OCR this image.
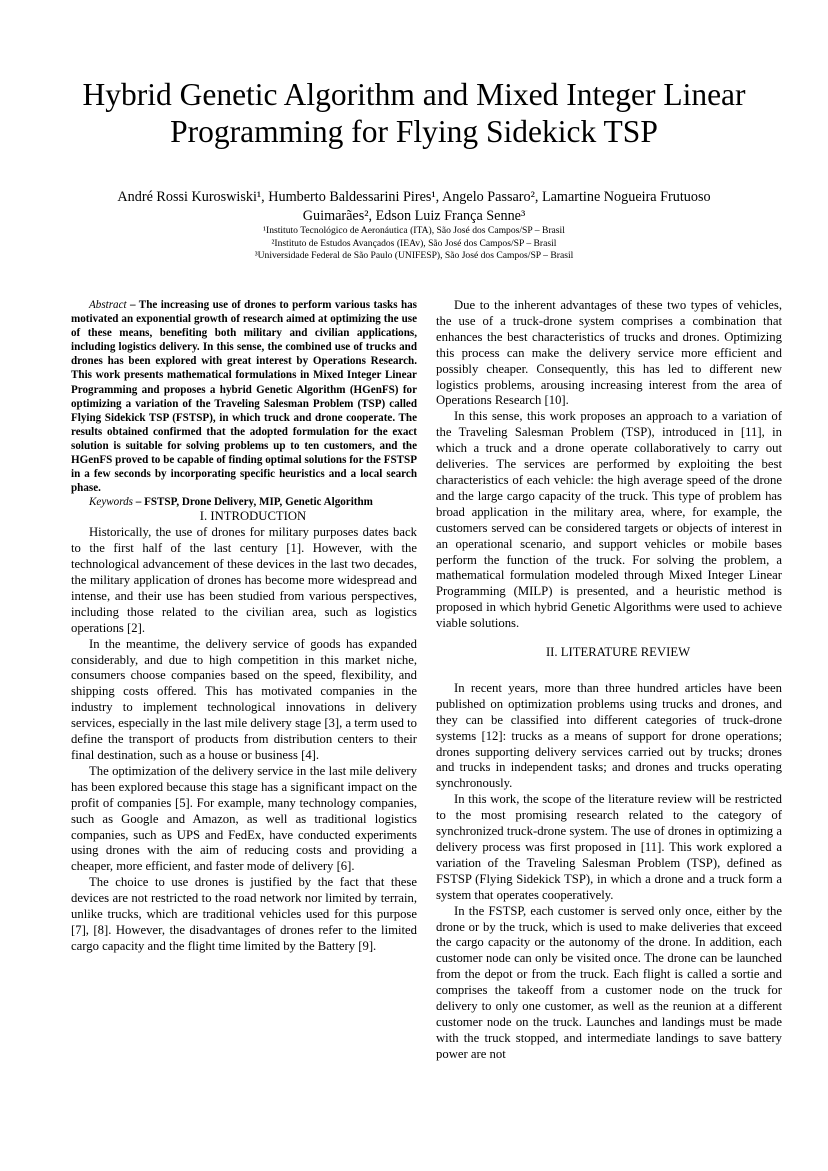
Hybrid Genetic Algorithm and Mixed Integer Linear
Programming for Flying Sidekick TSP
André Rossi Kuroswiski¹, Humberto Baldessarini Pires¹, Angelo Passaro², Lamartine Nogueira Frutuoso
Guimarães², Edson Luiz França Senne³
¹Instituto Tecnológico de Aeronáutica (ITA), São José dos Campos/SP – Brasil
²Instituto de Estudos Avançados (IEAv), São José dos Campos/SP – Brasil
³Universidade Federal de São Paulo (UNIFESP), São José dos Campos/SP – Brasil

Abstract – The increasing use of drones to perform various tasks has motivated an exponential growth of research aimed at optimizing the use of these means, benefiting both military and civilian applications, including logistics delivery. In this sense, the combined use of trucks and drones has been explored with great interest by Operations Research. This work presents mathematical formulations in Mixed Integer Linear Programming and proposes a hybrid Genetic Algorithm (HGenFS) for optimizing a variation of the Traveling Salesman Problem (TSP) called Flying Sidekick TSP (FSTSP), in which truck and drone cooperate. The results obtained confirmed that the adopted formulation for the exact solution is suitable for solving problems up to ten customers, and the HGenFS proved to be capable of finding optimal solutions for the FSTSP in a few seconds by incorporating specific heuristics and a local search phase.

Keywords – FSTSP, Drone Delivery, MIP, Genetic Algorithm

I. INTRODUCTION

Historically, the use of drones for military purposes dates back to the first half of the last century [1]. However, with the technological advancement of these devices in the last two decades, the military application of drones has become more widespread and intense, and their use has been studied from various perspectives, including those related to the civilian area, such as logistics operations [2].

In the meantime, the delivery service of goods has expanded considerably, and due to high competition in this market niche, consumers choose companies based on the speed, flexibility, and shipping costs offered. This has motivated companies in the industry to implement technological innovations in delivery services, especially in the last mile delivery stage [3], a term used to define the transport of products from distribution centers to their final destination, such as a house or business [4].

The optimization of the delivery service in the last mile delivery has been explored because this stage has a significant impact on the profit of companies [5]. For example, many technology companies, such as Google and Amazon, as well as traditional logistics companies, such as UPS and FedEx, have conducted experiments using drones with the aim of reducing costs and providing a cheaper, more efficient, and faster mode of delivery [6].

The choice to use drones is justified by the fact that these devices are not restricted to the road network nor limited by terrain, unlike trucks, which are traditional vehicles used for this purpose [7], [8]. However, the disadvantages of drones refer to the limited cargo capacity and the flight time limited by the Battery [9].

Due to the inherent advantages of these two types of vehicles, the use of a truck-drone system comprises a combination that enhances the best characteristics of trucks and drones. Optimizing this process can make the delivery service more efficient and possibly cheaper. Consequently, this has led to different new logistics problems, arousing increasing interest from the area of Operations Research [10].

In this sense, this work proposes an approach to a variation of the Traveling Salesman Problem (TSP), introduced in [11], in which a truck and a drone operate collaboratively to carry out deliveries. The services are performed by exploiting the best characteristics of each vehicle: the high average speed of the drone and the large cargo capacity of the truck. This type of problem has broad application in the military area, where, for example, the customers served can be considered targets or objects of interest in an operational scenario, and support vehicles or mobile bases perform the function of the truck. For solving the problem, a mathematical formulation modeled through Mixed Integer Linear Programming (MILP) is presented, and a heuristic method is proposed in which hybrid Genetic Algorithms were used to achieve viable solutions.

II. LITERATURE REVIEW

In recent years, more than three hundred articles have been published on optimization problems using trucks and drones, and they can be classified into different categories of truck-drone systems [12]: trucks as a means of support for drone operations; drones supporting delivery services carried out by trucks; drones and trucks in independent tasks; and drones and trucks operating synchronously.

In this work, the scope of the literature review will be restricted to the most promising research related to the category of synchronized truck-drone system. The use of drones in optimizing a delivery process was first proposed in [11]. This work explored a variation of the Traveling Salesman Problem (TSP), defined as FSTSP (Flying Sidekick TSP), in which a drone and a truck form a system that operates cooperatively.

In the FSTSP, each customer is served only once, either by the drone or by the truck, which is used to make deliveries that exceed the cargo capacity or the autonomy of the drone. In addition, each customer node can only be visited once. The drone can be launched from the depot or from the truck. Each flight is called a sortie and comprises the takeoff from a customer node on the truck for delivery to only one customer, as well as the reunion at a different customer node on the truck. Launches and landings must be made with the truck stopped, and intermediate landings to save battery power are not
